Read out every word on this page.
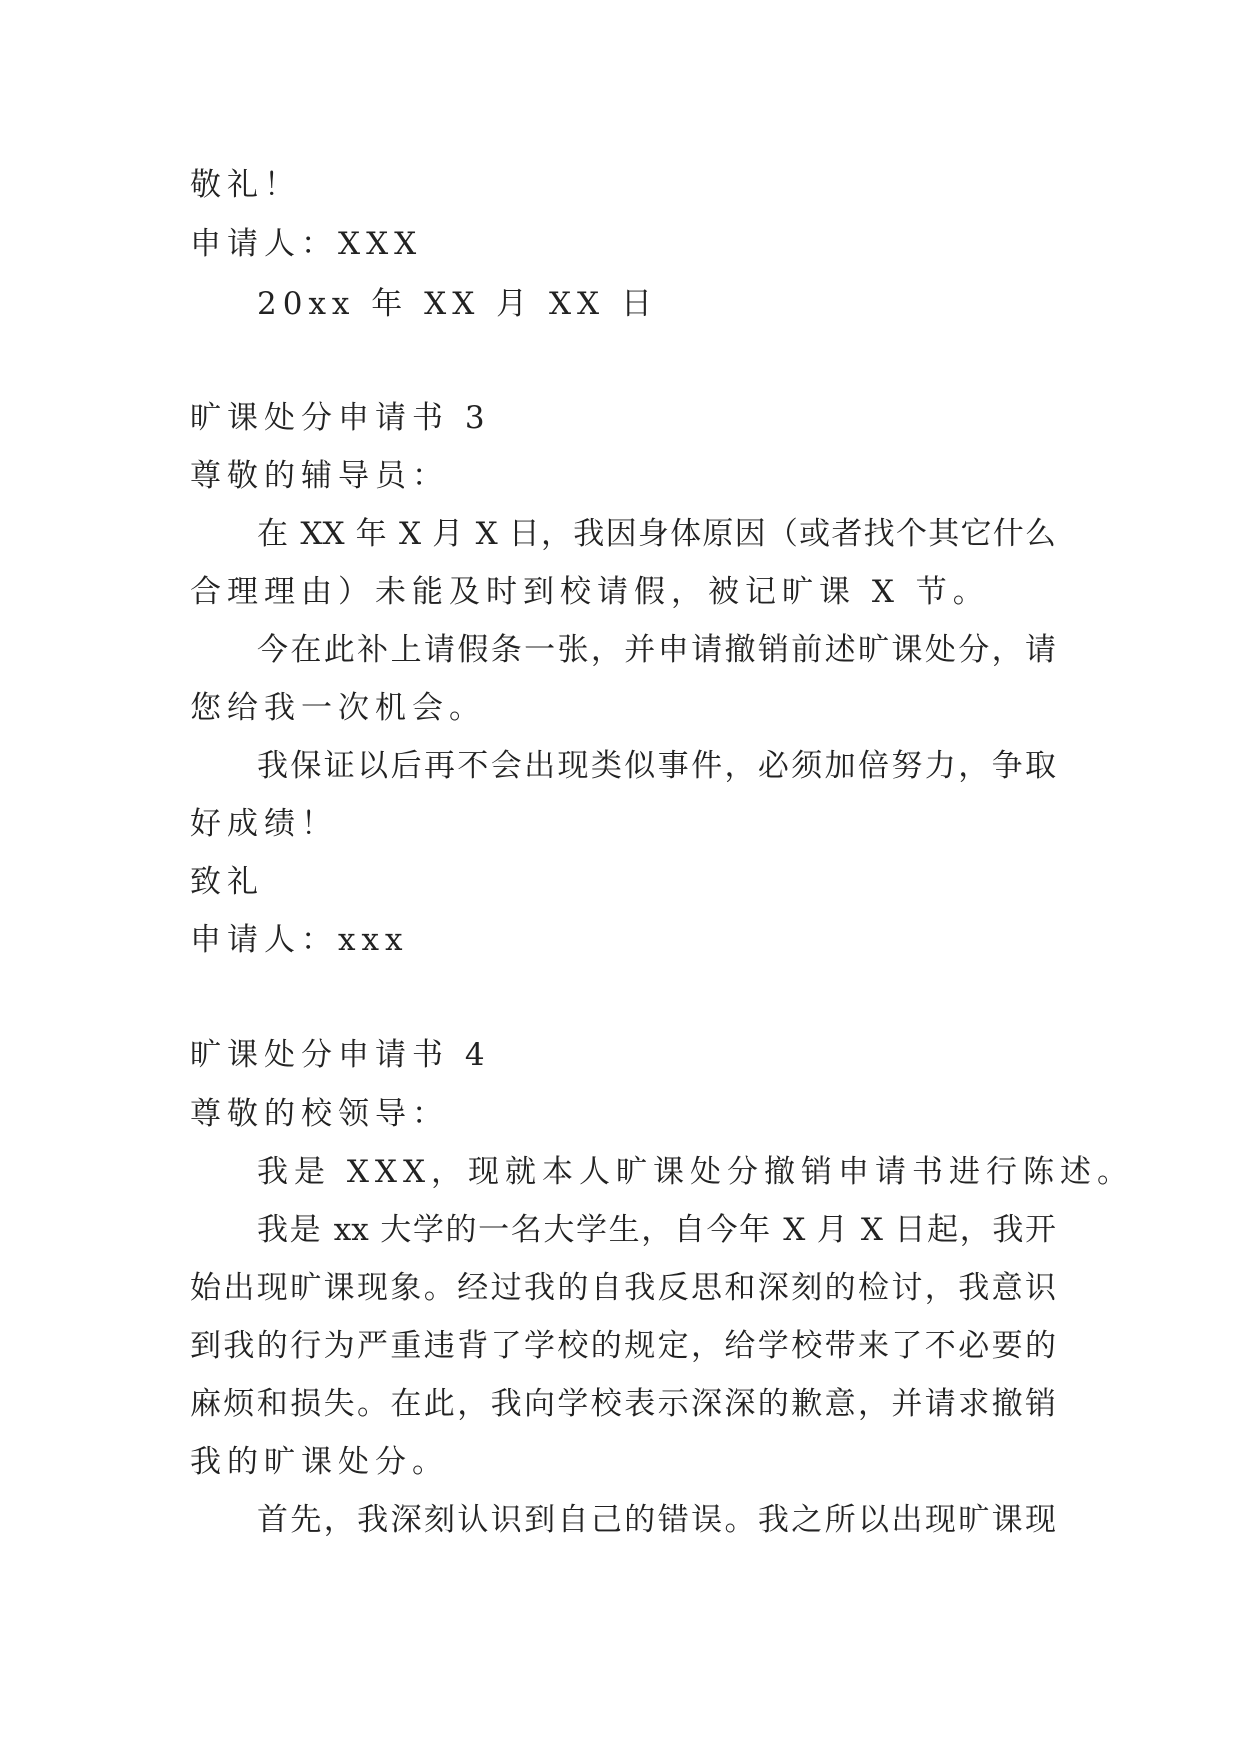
敬礼！
申请人：XXX
20xx 年 XX 月 XX 日
旷课处分申请书 3
尊敬的辅导员：
在 XX 年 X 月 X 日，我因身体原因（或者找个其它什么
合理理由）未能及时到校请假，被记旷课 X 节。
今在此补上请假条一张，并申请撤销前述旷课处分，请
您给我一次机会。
我保证以后再不会出现类似事件，必须加倍努力，争取
好成绩！
致礼
申请人：xxx
旷课处分申请书 4
尊敬的校领导：
我是 XXX，现就本人旷课处分撤销申请书进行陈述。
我是 xx 大学的一名大学生，自今年 X 月 X 日起，我开
始出现旷课现象。经过我的自我反思和深刻的检讨，我意识
到我的行为严重违背了学校的规定，给学校带来了不必要的
麻烦和损失。在此，我向学校表示深深的歉意，并请求撤销
我的旷课处分。
首先，我深刻认识到自己的错误。我之所以出现旷课现
